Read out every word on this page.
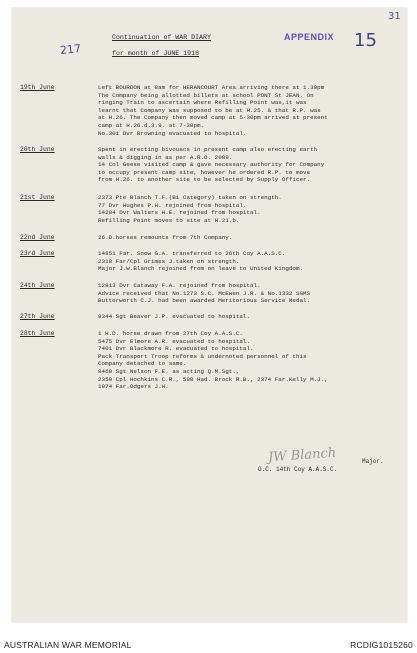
31
217	15
APPENDIX
Continuation of WAR DIARY
for month of JUNE 1918
19th June	Left BOURDON at 8am for HERANCOURT Area arriving there at 1.30pm
The Company being allotted billets at school PONT St JEAN. On
ringing Train to ascertain where Refilling Point was,it was
learnt that Company was supposed to be at H.25. & that R.P. was
at H.26. The Company then moved camp at 5-30pm arrived at present
camp at H.26.d.3.9. at 7-30pm.
No.301 Dvr Browning evacuated to hospital.
20th June	Spent in erecting bivouacs in present camp also erecting earth
walls & digging in as per A.R.O. 2089.
14 Col Geese visited camp & gave necessary authority for Company
to occupy present camp site, however he ordered R.P. to move
from H.26. to another site to be selected by Supply Officer.
21st June	2373 Pte Blanch T.F.(B1 Category) taken on strength.
77 Dvr Hughes P.H. rejoined from hospital.
14284 Dvr Walters H.E. rejoined from hospital.
Refilling Point moves to site at H.21.b.
22nd June	26.D.horses remounts from 7th Company.
23rd June	14851 Far. Snow G.A. transferred to 26th Coy A.A.S.C.
2318 Far/Cpl Grimes J.taken on strength.
Major J.W.Blanch rejoined from on leave to United Kingdom.
24th June	12813 Dvr Cataway F.A. rejoined from hospital.
Advice received that No.1273 S.C. McEwen J.R. & No.1332 SGMS
Butterworth C.J. had been awarded Meritorious Service Medal.
27th June	8344 Sgt Beaver J.P. evacuated to hospital.
28th June	1 H.D. horse drawn from 27th Coy A.A.S.C.
5475 Dvr Elmore A.R. evacuated to hospital.
7401 Dvr Blackmore R. evacuated to hospital.
Pack Transport Troop reforms & undernoted personnel of this
Company detached to same.
8460 Sgt Nelson F.E. as acting Q.M.Sgt.,
2350 Cpl Hochkins C.R., 598 Had. Brock R.B., 2374 Far.Kelly M.J.,
1974 Far.Odgers J.H.
JW Blanch	Major.
O.C. 14th Coy A.A.S.C.
AUSTRALIAN WAR MEMORIAL	RCDIG1015260
